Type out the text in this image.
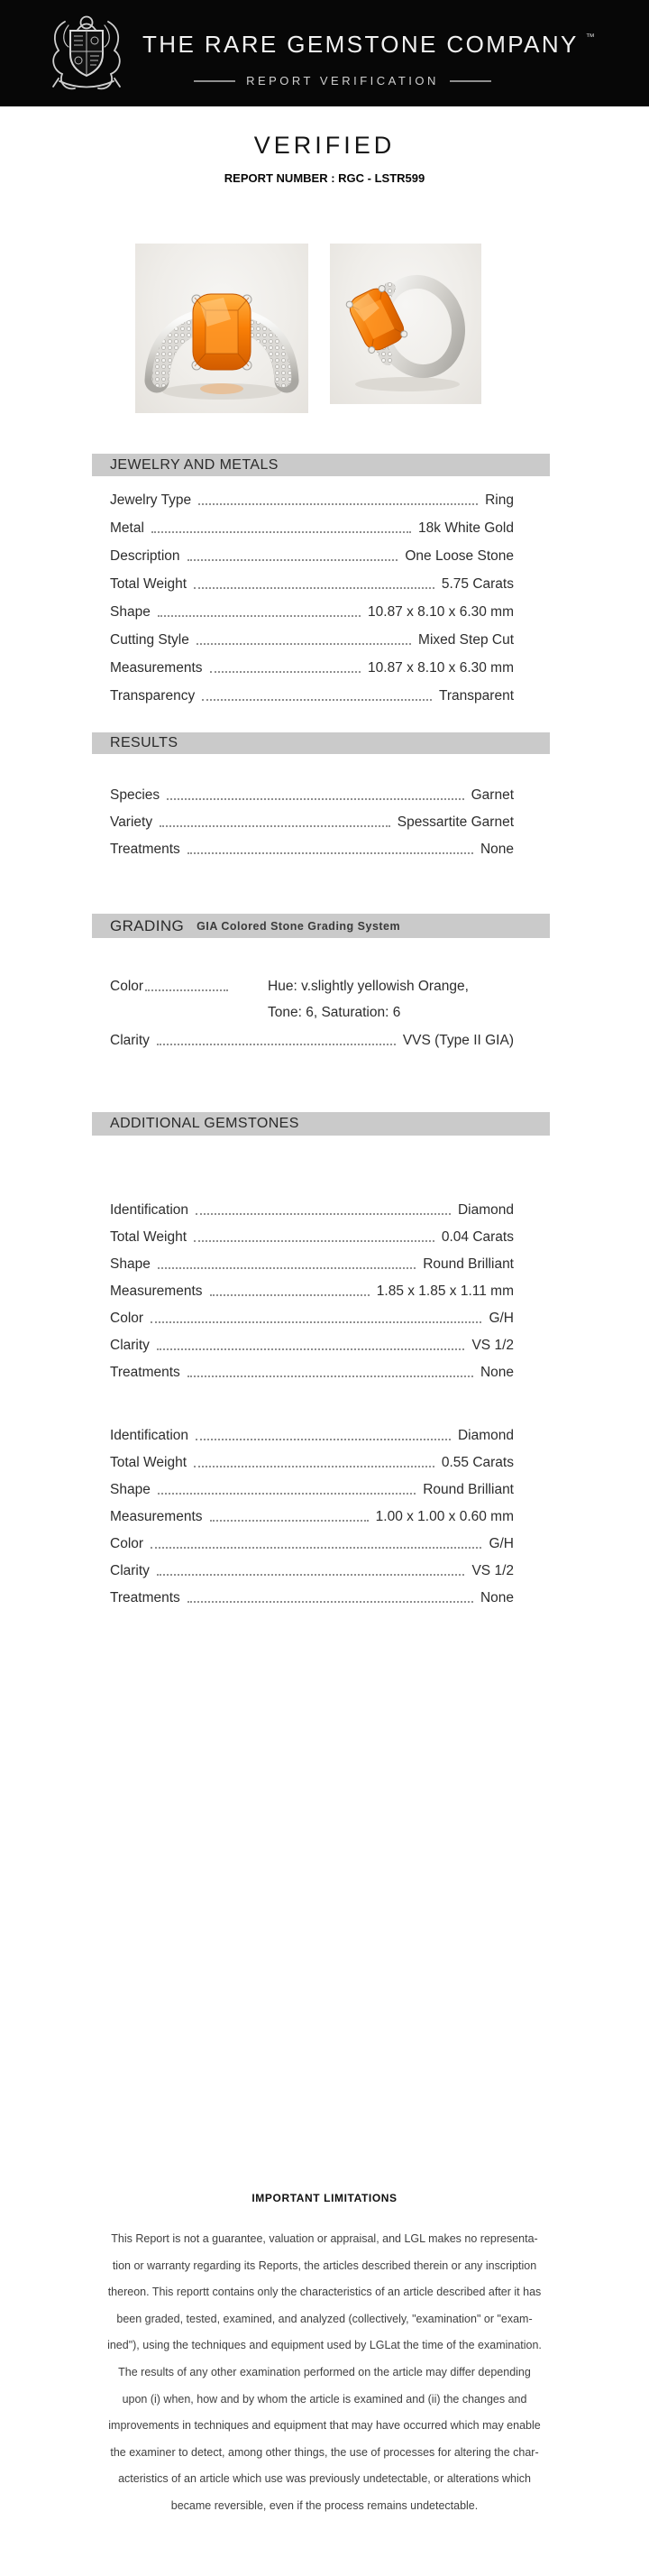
THE RARE GEMSTONE COMPANY ™
REPORT VERIFICATION
VERIFIED
REPORT NUMBER : RGC - LSTR599
JEWELRY AND METALS
Jewelry Type	Ring
Metal	18k White Gold
Description	One Loose Stone
Total Weight	5.75 Carats
Shape	10.87 x 8.10 x 6.30 mm
Cutting Style	Mixed Step Cut
Measurements	10.87 x 8.10 x 6.30 mm
Transparency	Transparent
RESULTS
Species	Garnet
Variety	Spessartite Garnet
Treatments	None
GRADING GIA Colored Stone Grading System
Color	Hue: v.slightly yellowish Orange,
Tone: 6, Saturation: 6
Clarity	VVS (Type II GIA)
ADDITIONAL GEMSTONES
Identification	Diamond
Total Weight	0.04 Carats
Shape	Round Brilliant
Measurements	1.85 x 1.85 x 1.11 mm
Color	G/H
Clarity	VS 1/2
Treatments	None
Identification	Diamond
Total Weight	0.55 Carats
Shape	Round Brilliant
Measurements	1.00 x 1.00 x 0.60 mm
Color	G/H
Clarity	VS 1/2
Treatments	None
IMPORTANT LIMITATIONS
This Report is not a guarantee, valuation or appraisal, and LGL makes no representa-
tion or warranty regarding its Reports, the articles described therein or any inscription
thereon. This reportt contains only the characteristics of an article described after it has
been graded, tested, examined, and analyzed (collectively, "examination" or "exam-
ined"), using the techniques and equipment used by LGLat the time of the examination.
The results of any other examination performed on the article may differ depending
upon (i) when, how and by whom the article is examined and (ii) the changes and
improvements in techniques and equipment that may have occurred which may enable
the examiner to detect, among other things, the use of processes for altering the char-
acteristics of an article which use was previously undetectable, or alterations which
became reversible, even if the process remains undetectable.
